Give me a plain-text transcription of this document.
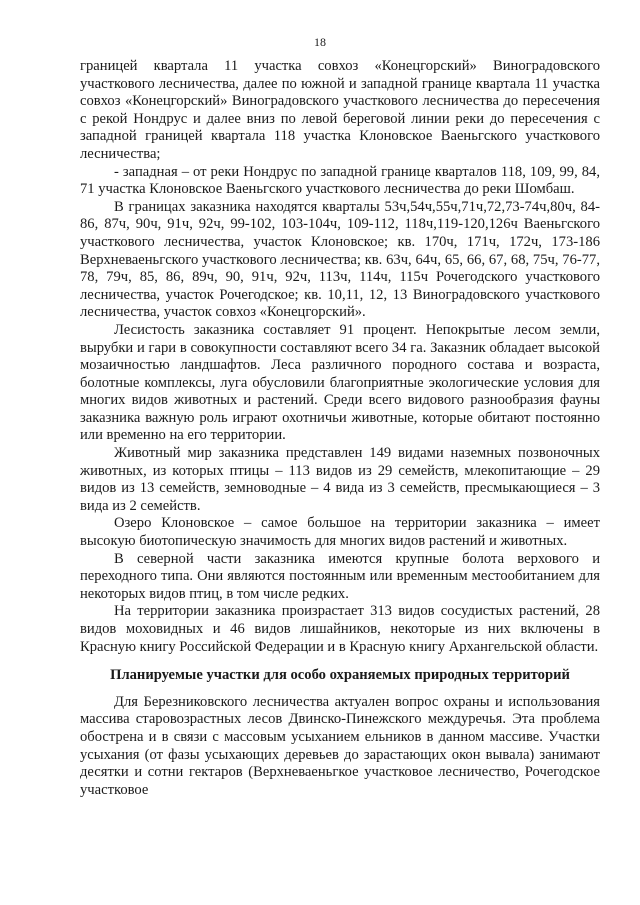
18

границей квартала 11 участка совхоз «Конецгорский» Виноградовского участкового лесничества, далее по южной и западной границе квартала 11 участка совхоз «Конецгорский» Виноградовского участкового лесничества до пересечения с рекой Нондрус и далее вниз по левой береговой линии реки до пересечения с западной границей квартала 118 участка Клоновское Ваеньгского участкового лесничества;

- западная – от реки Нондрус по западной границе кварталов 118, 109, 99, 84, 71 участка Клоновское Ваеньгского участкового лесничества до реки Шомбаш.

В границах заказника находятся кварталы 53ч,54ч,55ч,71ч,72,73-74ч,80ч, 84-86, 87ч, 90ч, 91ч, 92ч, 99-102, 103-104ч, 109-112, 118ч,119-120,126ч Ваеньгского участкового лесничества, участок Клоновское; кв. 170ч, 171ч, 172ч, 173-186 Верхневаеньгского участкового лесничества; кв. 63ч, 64ч, 65, 66, 67, 68, 75ч, 76-77, 78, 79ч, 85, 86, 89ч, 90, 91ч, 92ч, 113ч, 114ч, 115ч Рочегодского участкового лесничества, участок Рочегодское; кв. 10,11, 12, 13 Виноградовского участкового лесничества, участок совхоз «Конецгорский».

Лесистость заказника составляет 91 процент. Непокрытые лесом земли, вырубки и гари в совокупности составляют всего 34 га. Заказник обладает высокой мозаичностью ландшафтов. Леса различного породного состава и возраста, болотные комплексы, луга обусловили благоприятные экологические условия для многих видов животных и растений. Среди всего видового разнообразия фауны заказника важную роль играют охотничьи животные, которые обитают постоянно или временно на его территории.

Животный мир заказника представлен 149 видами наземных позвоночных животных, из которых птицы – 113 видов из 29 семейств, млекопитающие – 29 видов из 13 семейств, земноводные – 4 вида из 3 семейств, пресмыкающиеся – 3 вида из 2 семейств.

Озеро Клоновское – самое большое на территории заказника – имеет высокую биотопическую значимость для многих видов растений и животных.

В северной части заказника имеются крупные болота верхового и переходного типа. Они являются постоянным или временным местообитанием для некоторых видов птиц, в том числе редких.

На территории заказника произрастает 313 видов сосудистых растений, 28 видов моховидных и 46 видов лишайников, некоторые из них включены в Красную книгу Российской Федерации и в Красную книгу Архангельской области.

Планируемые участки для особо охраняемых природных территорий

Для Березниковского лесничества актуален вопрос охраны и использования массива старовозрастных лесов Двинско-Пинежского междуречья. Эта проблема обострена и в связи с массовым усыханием ельников в данном массиве. Участки усыхания (от фазы усыхающих деревьев до зарастающих окон вывала) занимают десятки и сотни гектаров (Верхневаеньгкое участковое лесничество, Рочегодское участковое
